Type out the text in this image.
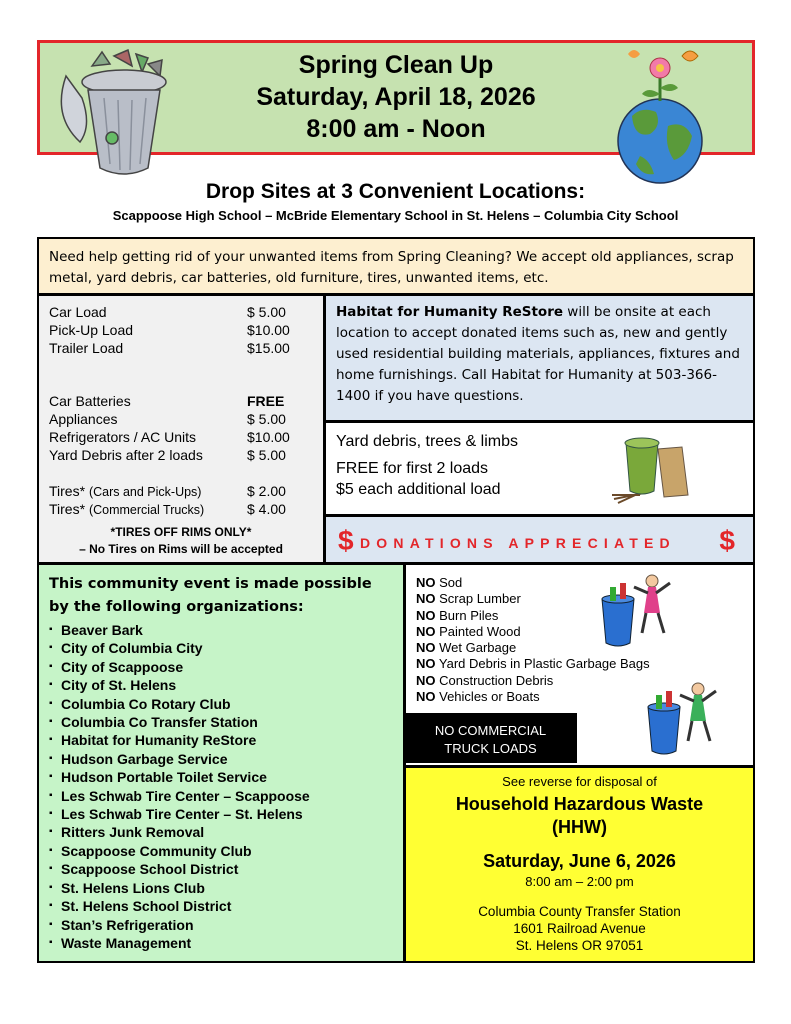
Spring Clean Up
Saturday, April 18, 2026
8:00 am - Noon
Drop Sites at 3 Convenient Locations:
Scappoose High School – McBride Elementary School in St. Helens – Columbia City School
Need help getting rid of your unwanted items from Spring Cleaning? We accept old appliances, scrap metal, yard debris, car batteries, old furniture, tires, unwanted items, etc.
Car Load	$ 5.00
Pick-Up Load	$10.00
Trailer Load	$15.00
Car Batteries	FREE
Appliances	$ 5.00
Refrigerators / AC Units	$10.00
Yard Debris after 2 loads	$ 5.00
Tires* (Cars and Pick-Ups)	$ 2.00
Tires* (Commercial Trucks)	$ 4.00
*TIRES OFF RIMS ONLY*
– No Tires on Rims will be accepted
Habitat for Humanity ReStore will be onsite at each location to accept donated items such as, new and gently used residential building materials, appliances, fixtures and home furnishings. Call Habitat for Humanity at 503-366-1400 if you have questions.
Yard debris, trees & limbs
FREE for first 2 loads
$5 each additional load
$ DONATIONS APPRECIATED $
This community event is made possible by the following organizations:
▪ Beaver Bark
▪ City of Columbia City
▪ City of Scappoose
▪ City of St. Helens
▪ Columbia Co Rotary Club
▪ Columbia Co Transfer Station
▪ Habitat for Humanity ReStore
▪ Hudson Garbage Service
▪ Hudson Portable Toilet Service
▪ Les Schwab Tire Center – Scappoose
▪ Les Schwab Tire Center – St. Helens
▪ Ritters Junk Removal
▪ Scappoose Community Club
▪ Scappoose School District
▪ St. Helens Lions Club
▪ St. Helens School District
▪ Stan’s Refrigeration
▪ Waste Management
NO Sod
NO Scrap Lumber
NO Burn Piles
NO Painted Wood
NO Wet Garbage
NO Yard Debris in Plastic Garbage Bags
NO Construction Debris
NO Vehicles or Boats
NO COMMERCIAL
TRUCK LOADS
See reverse for disposal of
Household Hazardous Waste
(HHW)
Saturday, June 6, 2026
8:00 am – 2:00 pm
Columbia County Transfer Station
1601 Railroad Avenue
St. Helens OR 97051
